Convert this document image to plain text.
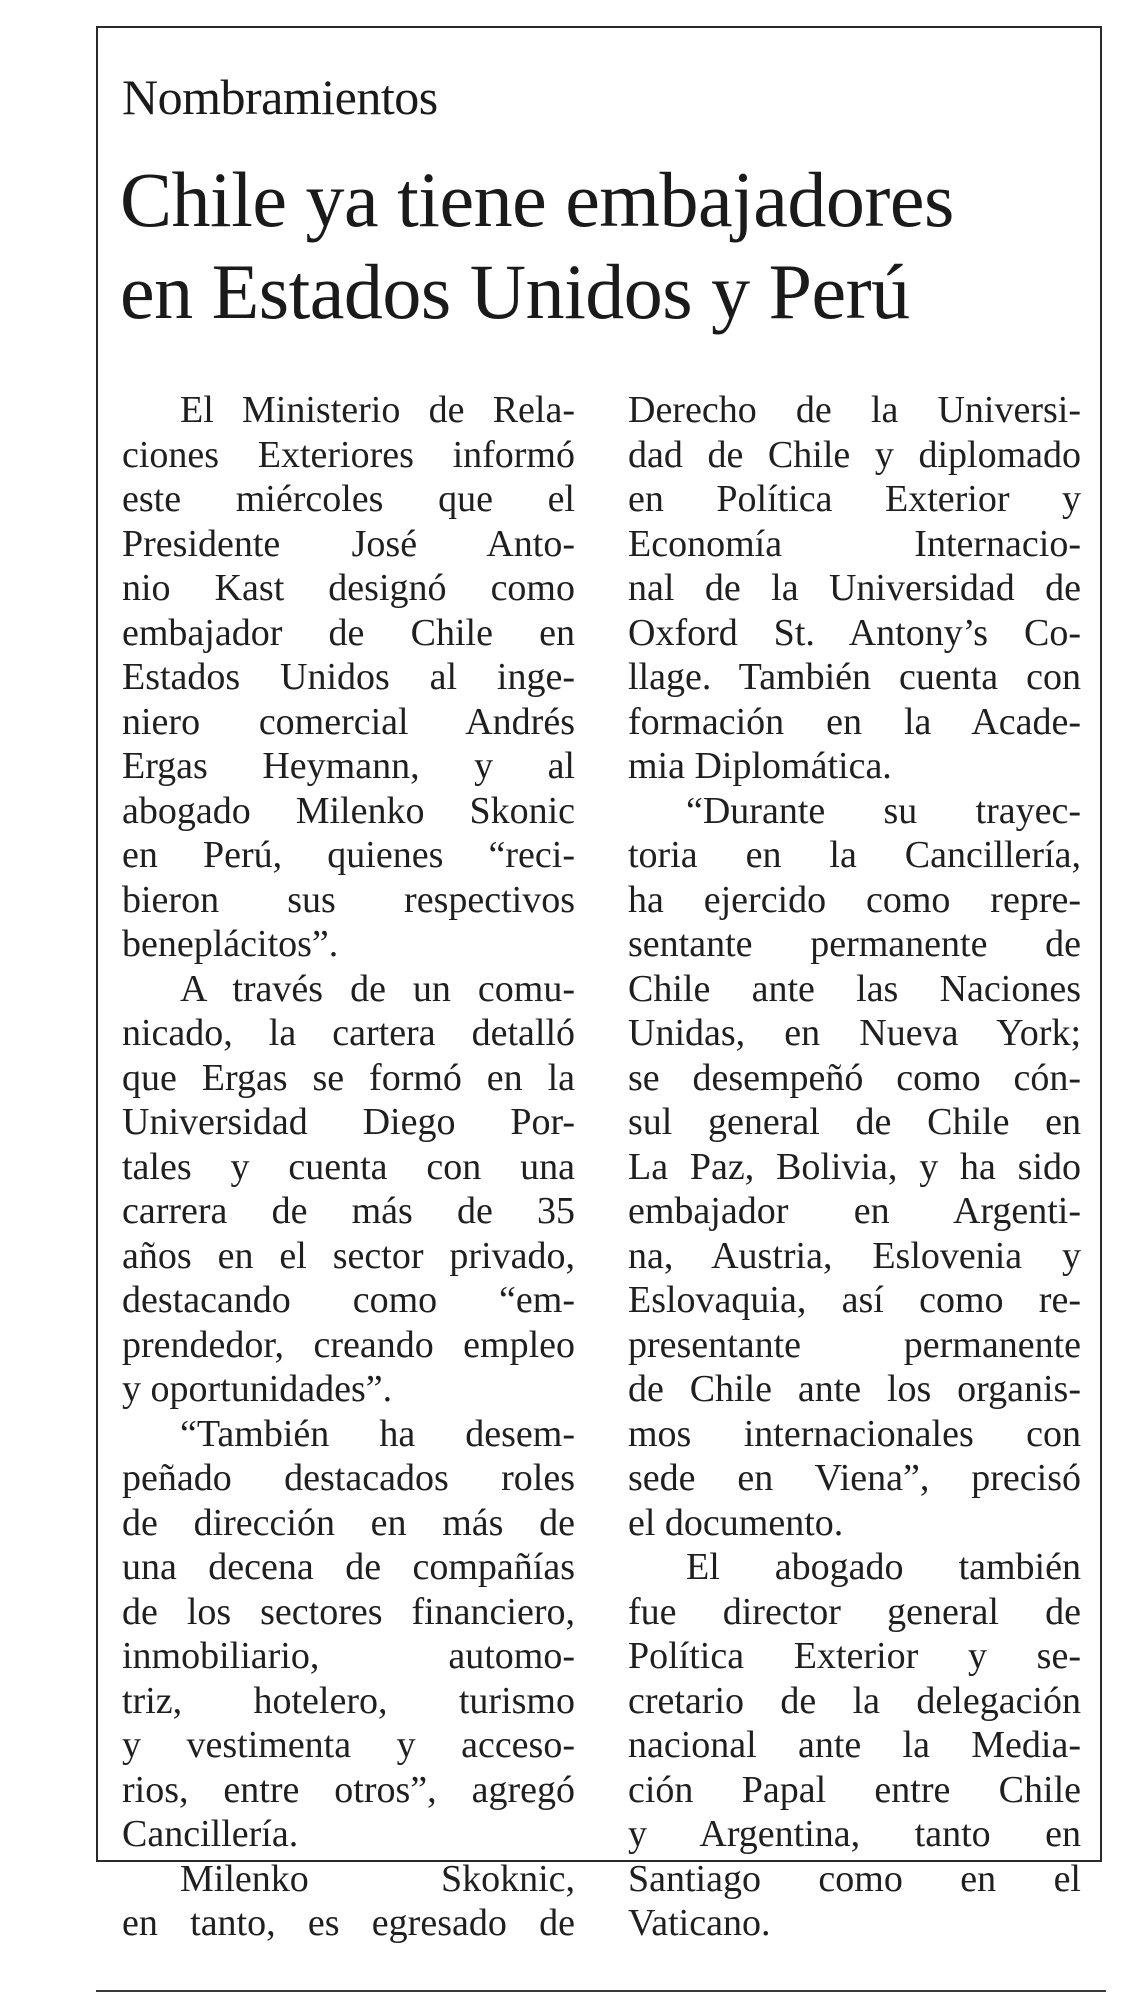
Nombramientos
Chile ya tiene embajadores
en Estados Unidos y Perú
El Ministerio de Rela-
ciones Exteriores informó
este miércoles que el
Presidente José Anto-
nio Kast designó como
embajador de Chile en
Estados Unidos al inge-
niero comercial Andrés
Ergas Heymann, y al
abogado Milenko Skonic
en Perú, quienes “reci-
bieron sus respectivos
beneplácitos”.
A través de un comu-
nicado, la cartera detalló
que Ergas se formó en la
Universidad Diego Por-
tales y cuenta con una
carrera de más de 35
años en el sector privado,
destacando como “em-
prendedor, creando empleo
y oportunidades”.
“También ha desem-
peñado destacados roles
de dirección en más de
una decena de compañías
de los sectores financiero,
inmobiliario, automo-
triz, hotelero, turismo
y vestimenta y acceso-
rios, entre otros”, agregó
Cancillería.
Milenko Skoknic,
en tanto, es egresado de
Derecho de la Universi-
dad de Chile y diplomado
en Política Exterior y
Economía Internacio-
nal de la Universidad de
Oxford St. Antony’s Co-
llage. También cuenta con
formación en la Acade-
mia Diplomática.
“Durante su trayec-
toria en la Cancillería,
ha ejercido como repre-
sentante permanente de
Chile ante las Naciones
Unidas, en Nueva York;
se desempeñó como cón-
sul general de Chile en
La Paz, Bolivia, y ha sido
embajador en Argenti-
na, Austria, Eslovenia y
Eslovaquia, así como re-
presentante permanente
de Chile ante los organis-
mos internacionales con
sede en Viena”, precisó
el documento.
El abogado también
fue director general de
Política Exterior y se-
cretario de la delegación
nacional ante la Media-
ción Papal entre Chile
y Argentina, tanto en
Santiago como en el
Vaticano.
